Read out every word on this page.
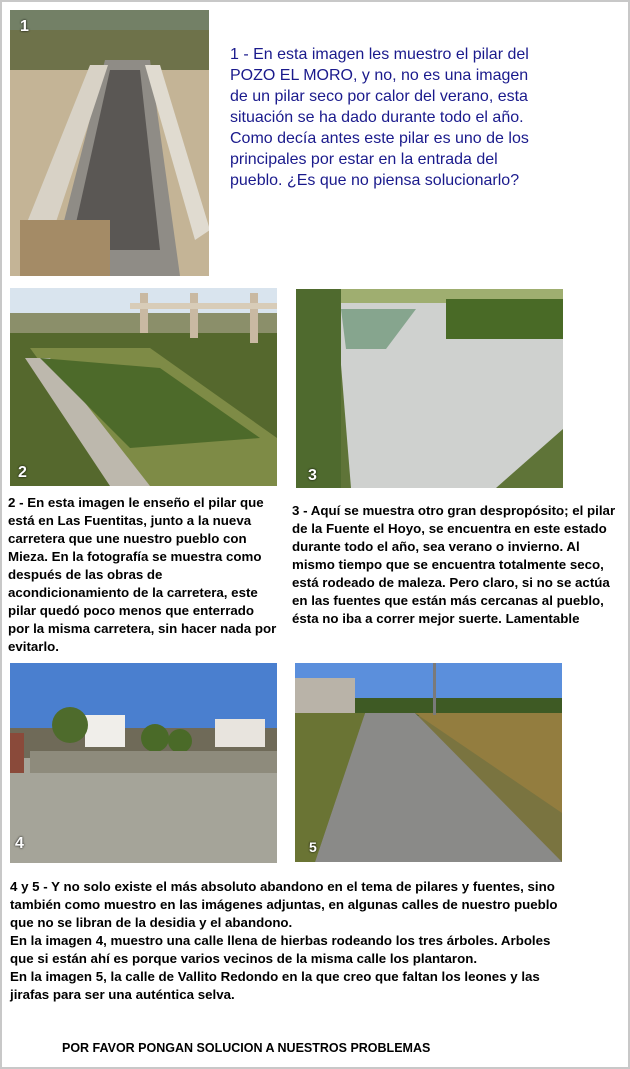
1

1 - En esta imagen les muestro el pilar del POZO EL MORO, y no, no es una imagen de un pilar seco por calor del verano, esta situación se ha dado durante todo el año. Como decía antes este pilar es uno de los principales por estar en la entrada del pueblo. ¿Es que no piensa solucionarlo?

2	3

2 - En esta imagen le enseño el pilar que está en Las Fuentitas, junto a la nueva carretera que une nuestro pueblo con Mieza. En la fotografía se muestra como después de las obras de acondicionamiento de la carretera, este pilar quedó poco menos que enterrado por la misma carretera, sin hacer nada por evitarlo.

3 - Aquí se muestra otro gran despropósito; el pilar de la Fuente el Hoyo, se encuentra en este estado durante todo el año, sea verano o invierno. Al mismo tiempo que se encuentra totalmente seco, está rodeado de maleza. Pero claro, si no se actúa en las fuentes que están más cercanas al pueblo, ésta no iba a correr mejor suerte. Lamentable

4	5

4 y 5 - Y no solo existe el más absoluto abandono en el tema de pilares y fuentes, sino también como muestro en las imágenes adjuntas, en algunas calles de nuestro pueblo que no se libran de la desidia y el abandono.
En la imagen 4, muestro una calle llena de hierbas rodeando los tres árboles. Arboles que si están ahí es porque varios vecinos de la misma calle los plantaron.
En la imagen 5, la calle de Vallito Redondo en la que creo que faltan los leones y las jirafas para ser una auténtica selva.

POR FAVOR PONGAN SOLUCION A NUESTROS PROBLEMAS
